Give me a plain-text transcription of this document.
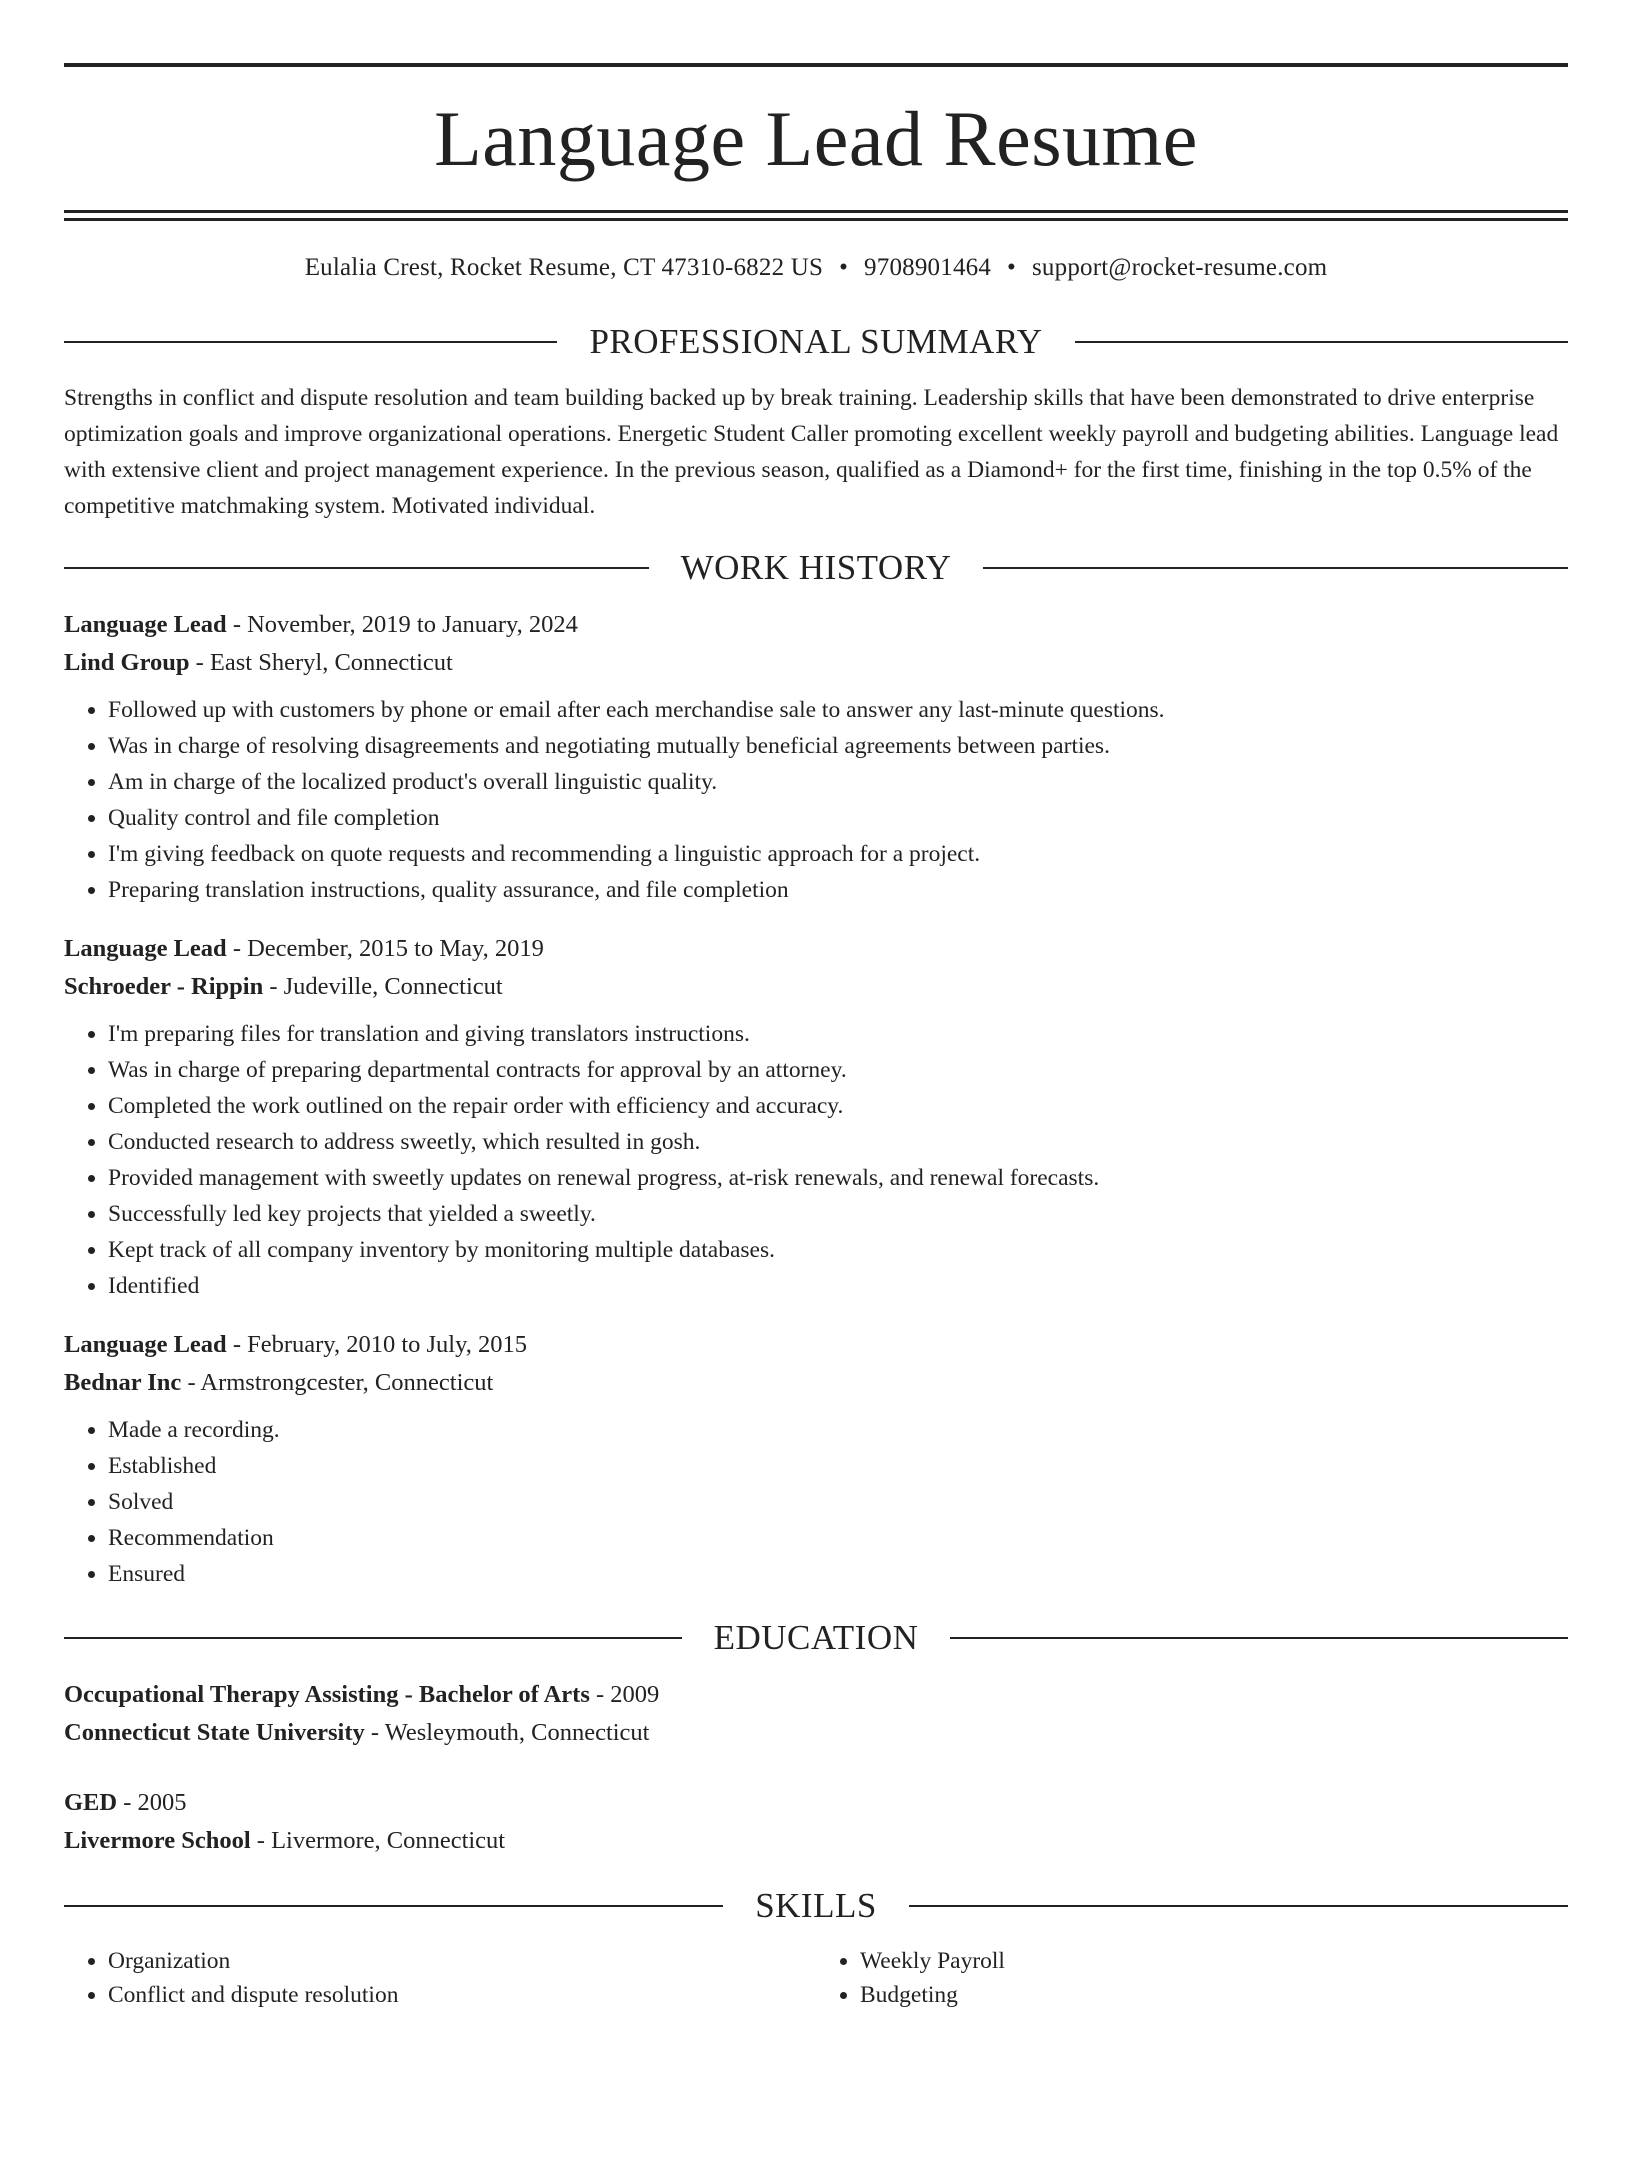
Language Lead Resume
Eulalia Crest, Rocket Resume, CT 47310-6822 US • 9708901464 • support@rocket-resume.com
PROFESSIONAL SUMMARY

Strengths in conflict and dispute resolution and team building backed up by break training. Leadership skills that have been demonstrated to drive enterprise optimization goals and improve organizational operations. Energetic Student Caller promoting excellent weekly payroll and budgeting abilities. Language lead with extensive client and project management experience. In the previous season, qualified as a Diamond+ for the first time, finishing in the top 0.5% of the competitive matchmaking system. Motivated individual.

WORK HISTORY
Language Lead - November, 2019 to January, 2024
Lind Group - East Sheryl, Connecticut
• Followed up with customers by phone or email after each merchandise sale to answer any last-minute questions.
• Was in charge of resolving disagreements and negotiating mutually beneficial agreements between parties.
• Am in charge of the localized product's overall linguistic quality.
• Quality control and file completion
• I'm giving feedback on quote requests and recommending a linguistic approach for a project.
• Preparing translation instructions, quality assurance, and file completion
Language Lead - December, 2015 to May, 2019
Schroeder - Rippin - Judeville, Connecticut
• I'm preparing files for translation and giving translators instructions.
• Was in charge of preparing departmental contracts for approval by an attorney.
• Completed the work outlined on the repair order with efficiency and accuracy.
• Conducted research to address sweetly, which resulted in gosh.
• Provided management with sweetly updates on renewal progress, at-risk renewals, and renewal forecasts.
• Successfully led key projects that yielded a sweetly.
• Kept track of all company inventory by monitoring multiple databases.
• Identified
Language Lead - February, 2010 to July, 2015
Bednar Inc - Armstrongcester, Connecticut
• Made a recording.
• Established
• Solved
• Recommendation
• Ensured
EDUCATION
Occupational Therapy Assisting - Bachelor of Arts - 2009
Connecticut State University - Wesleymouth, Connecticut
GED - 2005
Livermore School - Livermore, Connecticut
SKILLS
• Organization
• Conflict and dispute resolution
• Weekly Payroll
• Budgeting
